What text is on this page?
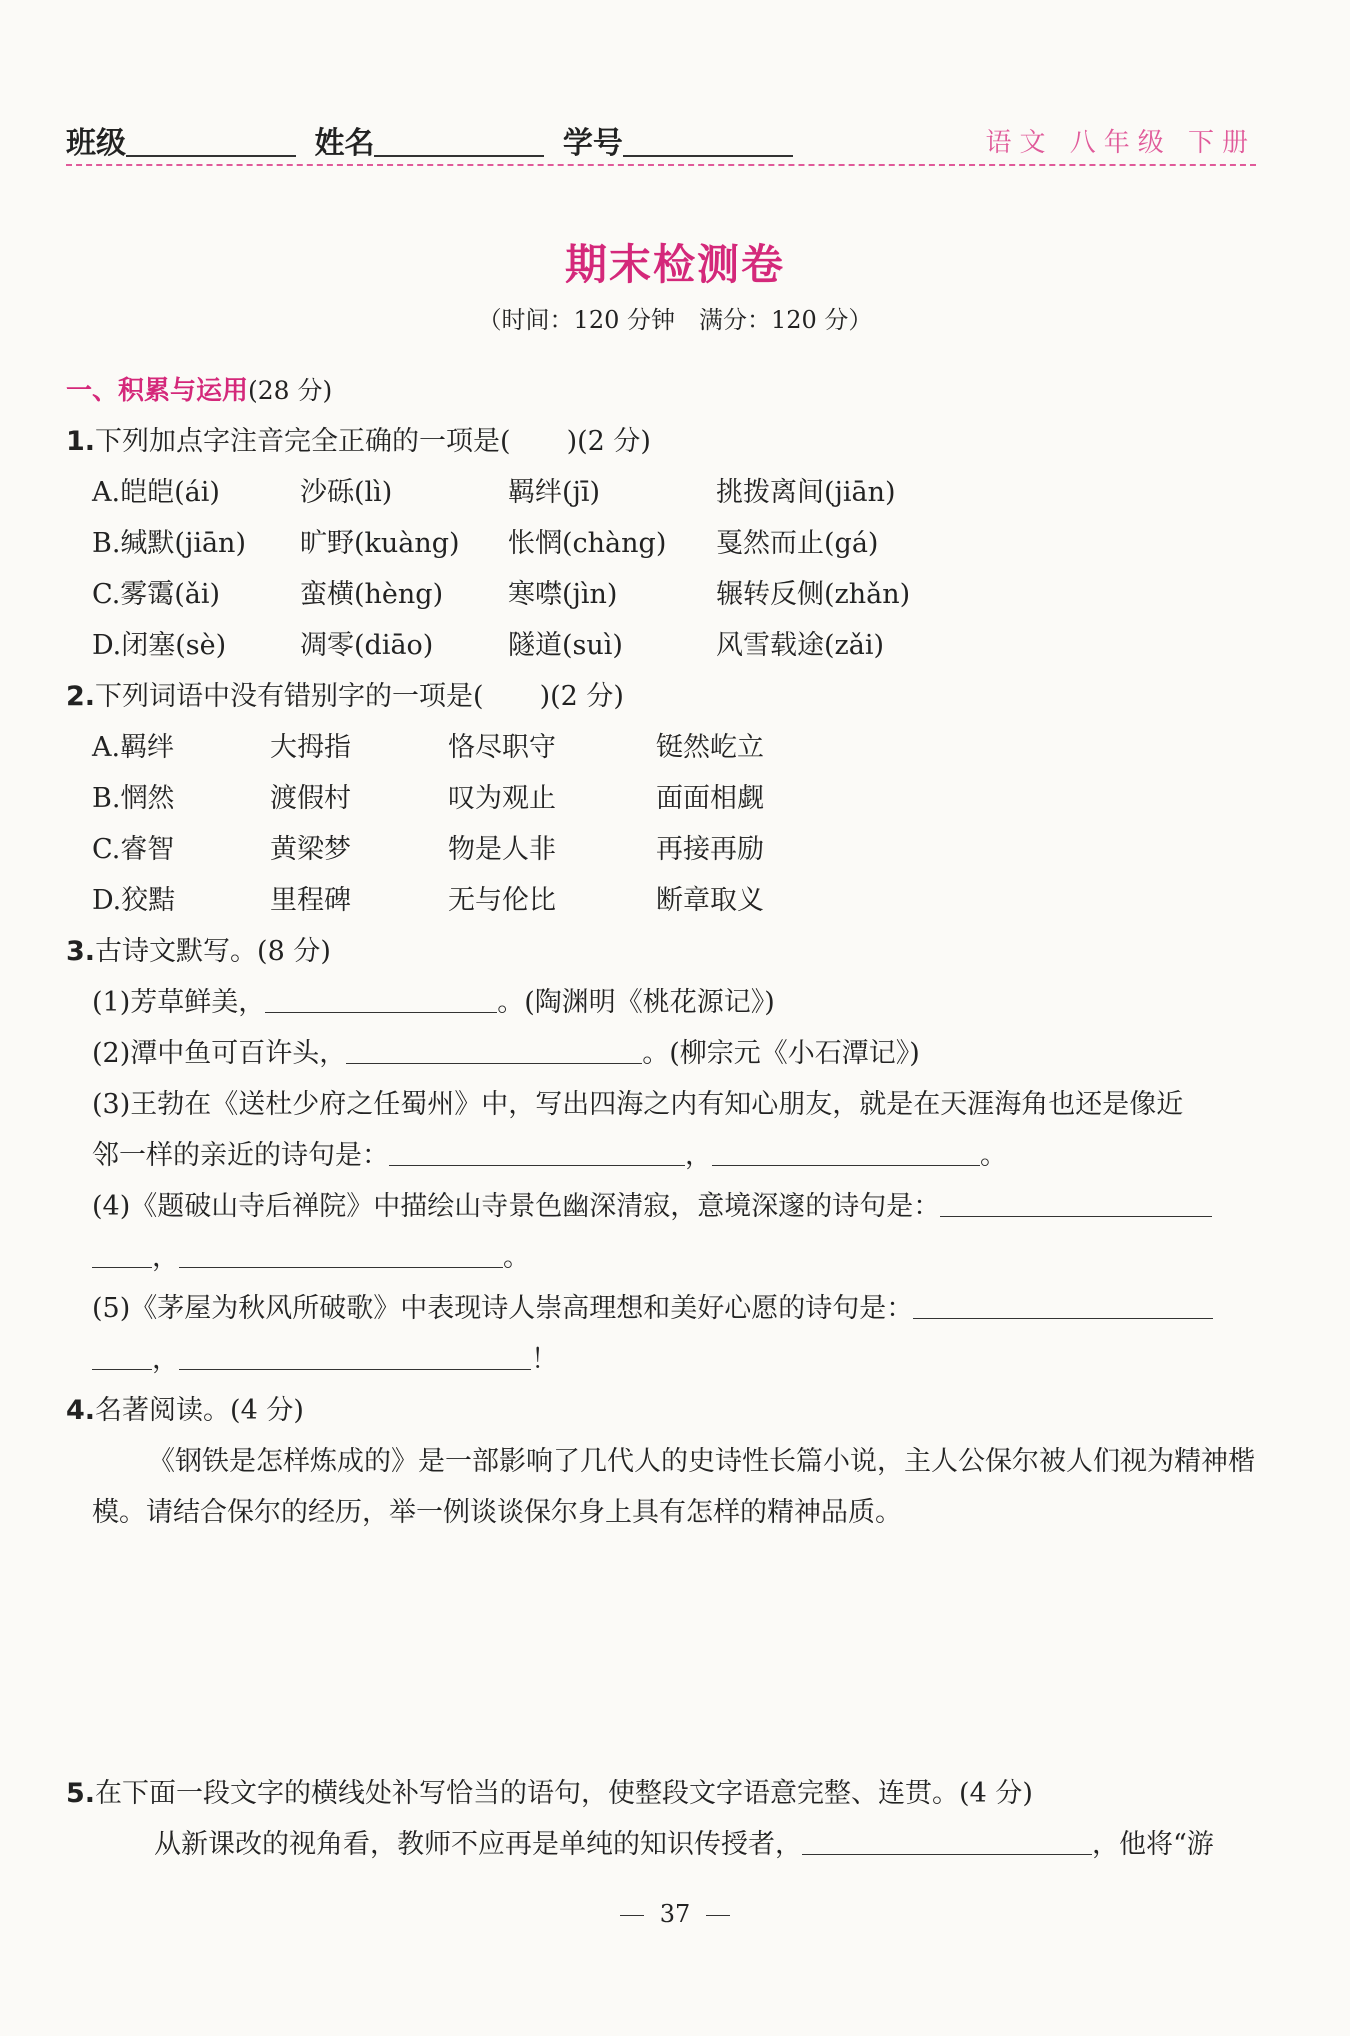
班级	姓名	学号	语文 八年级 下册
期末检测卷
（时间：120 分钟　满分：120 分）
一、积累与运用(28 分)
1.下列加点字注音完全正确的一项是( )(2 分)
A.皑皑(ái)	沙砾(lì)	羁绊(jī)	挑拨离间(jiān)
B.缄默(jiān) 旷野(kuàng) 怅惘(chàng) 戛然而止(gá)
C.雾霭(ǎi)	蛮横(hèng) 寒噤(jìn)	辗转反侧(zhǎn)
D.闭塞(sè)	凋零(diāo)	隧道(suì)	风雪载途(zǎi)
2.下列词语中没有错别字的一项是( )(2 分)
A.羁绊	大拇指	恪尽职守	铤然屹立
B.惘然	渡假村	叹为观止	面面相觑
C.睿智	黄梁梦	物是人非	再接再励
D.狡黠	里程碑	无与伦比	断章取义
3.古诗文默写。(8 分)
(1)芳草鲜美，	。(陶渊明《桃花源记》)
(2)潭中鱼可百许头，	。(柳宗元《小石潭记》)
(3)王勃在《送杜少府之任蜀州》中，写出四海之内有知心朋友，就是在天涯海角也还是像近
邻一样的亲近的诗句是：	，	。
(4)《题破山寺后禅院》中描绘山寺景色幽深清寂，意境深邃的诗句是：
，	。
(5)《茅屋为秋风所破歌》中表现诗人崇高理想和美好心愿的诗句是：
，	！
4.名著阅读。(4 分)
《钢铁是怎样炼成的》是一部影响了几代人的史诗性长篇小说，主人公保尔被人们视为精神楷模。请结合保尔的经历，举一例谈谈保尔身上具有怎样的精神品质。
5.在下面一段文字的横线处补写恰当的语句，使整段文字语意完整、连贯。(4 分)
从新课改的视角看，教师不应再是单纯的知识传授者，	，他将“游
37
